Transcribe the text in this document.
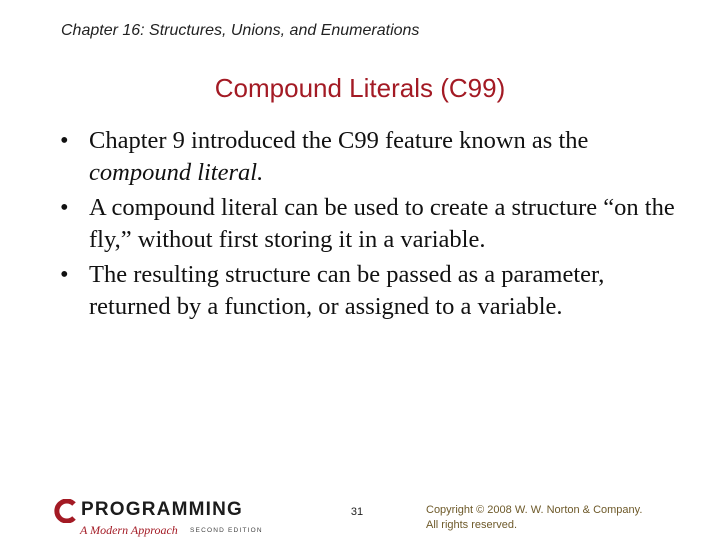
Chapter 16: Structures, Unions, and Enumerations
Compound Literals (C99)
• Chapter 9 introduced the C99 feature known as the compound literal.
• A compound literal can be used to create a structure “on the fly,” without first storing it in a variable.
• The resulting structure can be passed as a parameter, returned by a function, or assigned to a variable.
PROGRAMMING
A Modern Approach SECOND EDITION
31	Copyright © 2008 W. W. Norton & Company.
All rights reserved.
